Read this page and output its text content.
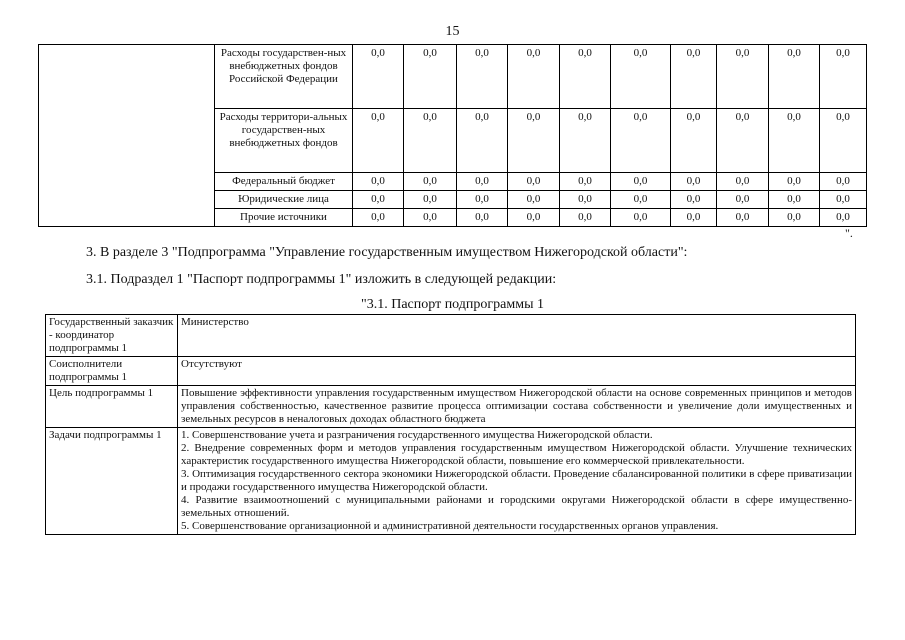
15
	Расходы государствен-ных внебюджетных фондов Российской Федерации	0,0	0,0	0,0	0,0	0,0	0,0	0,0	0,0	0,0	0,0
	Расходы территори-альных государствен-ных внебюджетных фондов	0,0	0,0	0,0	0,0	0,0	0,0	0,0	0,0	0,0	0,0
	Федеральный бюджет	0,0	0,0	0,0	0,0	0,0	0,0	0,0	0,0	0,0	0,0
	Юридические лица	0,0	0,0	0,0	0,0	0,0	0,0	0,0	0,0	0,0	0,0
	Прочие источники	0,0	0,0	0,0	0,0	0,0	0,0	0,0	0,0	0,0	0,0
".
3. В разделе 3 "Подпрограмма "Управление государственным имуществом Нижегородской области":
3.1. Подраздел 1 "Паспорт подпрограммы 1" изложить в следующей редакции:
"3.1. Паспорт подпрограммы 1
Государственный заказчик - координатор подпрограммы 1	Министерство

Соисполнители подпрограммы 1	Отсутствуют

Цель подпрограммы 1	Повышение эффективности управления государственным имуществом Нижегородской области на основе современных принципов и методов управления собственностью, качественное развитие процесса оптимизации состава собственности и увеличение доли имущественных и земельных ресурсов в неналоговых доходах областного бюджета

Задачи подпрограммы 1	1. Совершенствование учета и разграничения государственного имущества Нижегородской области.
2. Внедрение современных форм и методов управления государственным имуществом Нижегородской области. Улучшение технических характеристик государственного имущества Нижегородской области, повышение его коммерческой привлекательности.
3. Оптимизация государственного сектора экономики Нижегородской области. Проведение сбалансированной политики в сфере приватизации и продажи государственного имущества Нижегородской области.
4. Развитие взаимоотношений с муниципальными районами и городскими округами Нижегородской области в сфере имущественно-земельных отношений.
5. Совершенствование организационной и административной деятельности государственных органов управления.
